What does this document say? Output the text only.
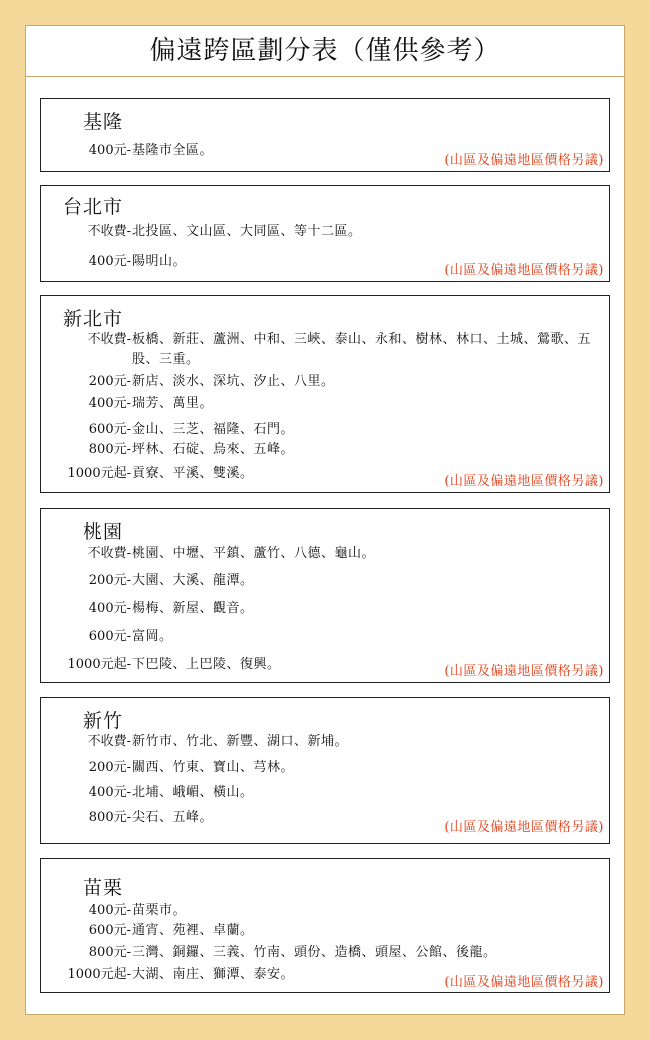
偏遠跨區劃分表（僅供參考）
基隆
400元- 基隆市全區。
(山區及偏遠地區價格另議)
台北市
不收費- 北投區、文山區、大同區、等十二區。
400元- 陽明山。
(山區及偏遠地區價格另議)
新北市
不收費- 板橋、新莊、蘆洲、中和、三峽、泰山、永和、樹林、林口、土城、鶯歌、五股、三重。
200元- 新店、淡水、深坑、汐止、八里。
400元- 瑞芳、萬里。
600元- 金山、三芝、福隆、石門。
800元- 坪林、石碇、烏來、五峰。
1000元起- 貢寮、平溪、雙溪。
(山區及偏遠地區價格另議)
桃園
不收費- 桃園、中壢、平鎮、蘆竹、八德、龜山。
200元- 大園、大溪、龍潭。
400元- 楊梅、新屋、觀音。
600元- 富岡。
1000元起- 下巴陵、上巴陵、復興。	(山區及偏遠地區價格另議)
新竹
不收費- 新竹市、竹北、新豐、湖口、新埔。
200元- 關西、竹東、寶山、芎林。
400元- 北埔、峨嵋、橫山。
800元- 尖石、五峰。
(山區及偏遠地區價格另議)
苗栗
400元- 苗栗市。
600元- 通宵、苑裡、卓蘭。
800元- 三灣、銅鑼、三義、竹南、頭份、造橋、頭屋、公館、後龍。
1000元起- 大湖、南庄、獅潭、泰安。
(山區及偏遠地區價格另議)
